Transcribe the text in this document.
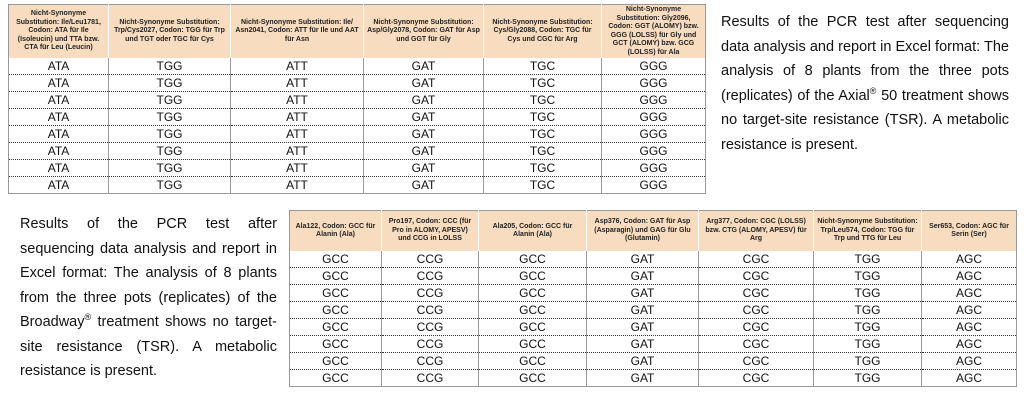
Nicht-Synonyme Substitution: Ile/Leu1781, Codon: ATA für Ile (Isoleucin) und TTA bzw. CTA für Leu (Leucin)	Nicht-Synonyme Substitution: Trp/Cys2027, Codon: TGG für Trp und TGT oder TGC für Cys	Nicht-Synonyme Substitution: Ile/ Asn2041, Codon: ATT für Ile und AAT für Asn	Nicht-Synonyme Substitution: Asp/Gly2078, Codon: GAT für Asp und GGT für Gly	Nicht-Synonyme Substitution: Cys/Gly2088, Codon: TGC für Cys und CGC für Arg	Nicht-Synonyme Substitution: Gly2096, Codon: GGT (ALOMY) bzw. GGG (LOLSS) für Gly und GCT (ALOMY) bzw. GCG (LOLSS) für Ala
ATA	TGG	ATT	GAT	TGC	GGG
ATA	TGG	ATT	GAT	TGC	GGG
ATA	TGG	ATT	GAT	TGC	GGG
ATA	TGG	ATT	GAT	TGC	GGG
ATA	TGG	ATT	GAT	TGC	GGG
ATA	TGG	ATT	GAT	TGC	GGG
ATA	TGG	ATT	GAT	TGC	GGG
ATA	TGG	ATT	GAT	TGC	GGG
Ala122, Codon: GCC für Alanin (Ala)	Pro197, Codon: CCC (für Pro in ALOMY, APESV) und CCG in LOLSS	Ala205, Codon: GCC für Alanin (Ala)	Asp376, Codon: GAT für Asp (Asparagin) und GAG für Glu (Glutamin)	Arg377, Codon: CGC (LOLSS) bzw. CTG (ALOMY, APESV) für Arg	Nicht-Synonyme Substitution: Trp/Leu574, Codon: TGG für Trp und TTG für Leu	Ser653, Codon: AGC für Serin (Ser)
GCC	CCG	GCC	GAT	CGC	TGG	AGC
GCC	CCG	GCC	GAT	CGC	TGG	AGC
GCC	CCG	GCC	GAT	CGC	TGG	AGC
GCC	CCG	GCC	GAT	CGC	TGG	AGC
GCC	CCG	GCC	GAT	CGC	TGG	AGC
GCC	CCG	GCC	GAT	CGC	TGG	AGC
GCC	CCG	GCC	GAT	CGC	TGG	AGC
GCC	CCG	GCC	GAT	CGC	TGG	AGC

Results of the PCR test after sequencing data analysis and report in Excel format: The analysis of 8 plants from the three pots (replicates) of the Axial® 50 treatment shows no target-site resistance (TSR). A metabolic resistance is present.

Results of the PCR test after sequencing data analysis and report in Excel format: The analysis of 8 plants from the three pots (replicates) of the Broadway® treatment shows no target-site resistance (TSR). A metabolic resistance is present.
